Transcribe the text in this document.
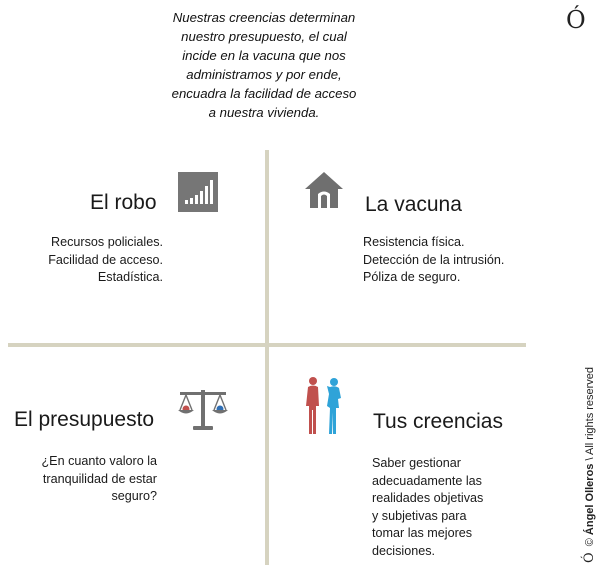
Nuestras creencias determinan
nuestro presupuesto, el cual
incide en la vacuna que nos
administramos y por ende,
encuadra la facilidad de acceso
a nuestra vivienda.
Ó
El robo
Recursos policiales.
Facilidad de acceso.
Estadística.
La vacuna
Resistencia física.
Detección de la intrusión.
Póliza de seguro.
El presupuesto
¿En cuanto valoro la
tranquilidad de estar
seguro?
Tus creencias
Saber gestionar
adecuadamente las
realidades objetivas
y subjetivas para
tomar las mejores
decisiones.
Ó © Ángel Olleros \ All rights reserved
